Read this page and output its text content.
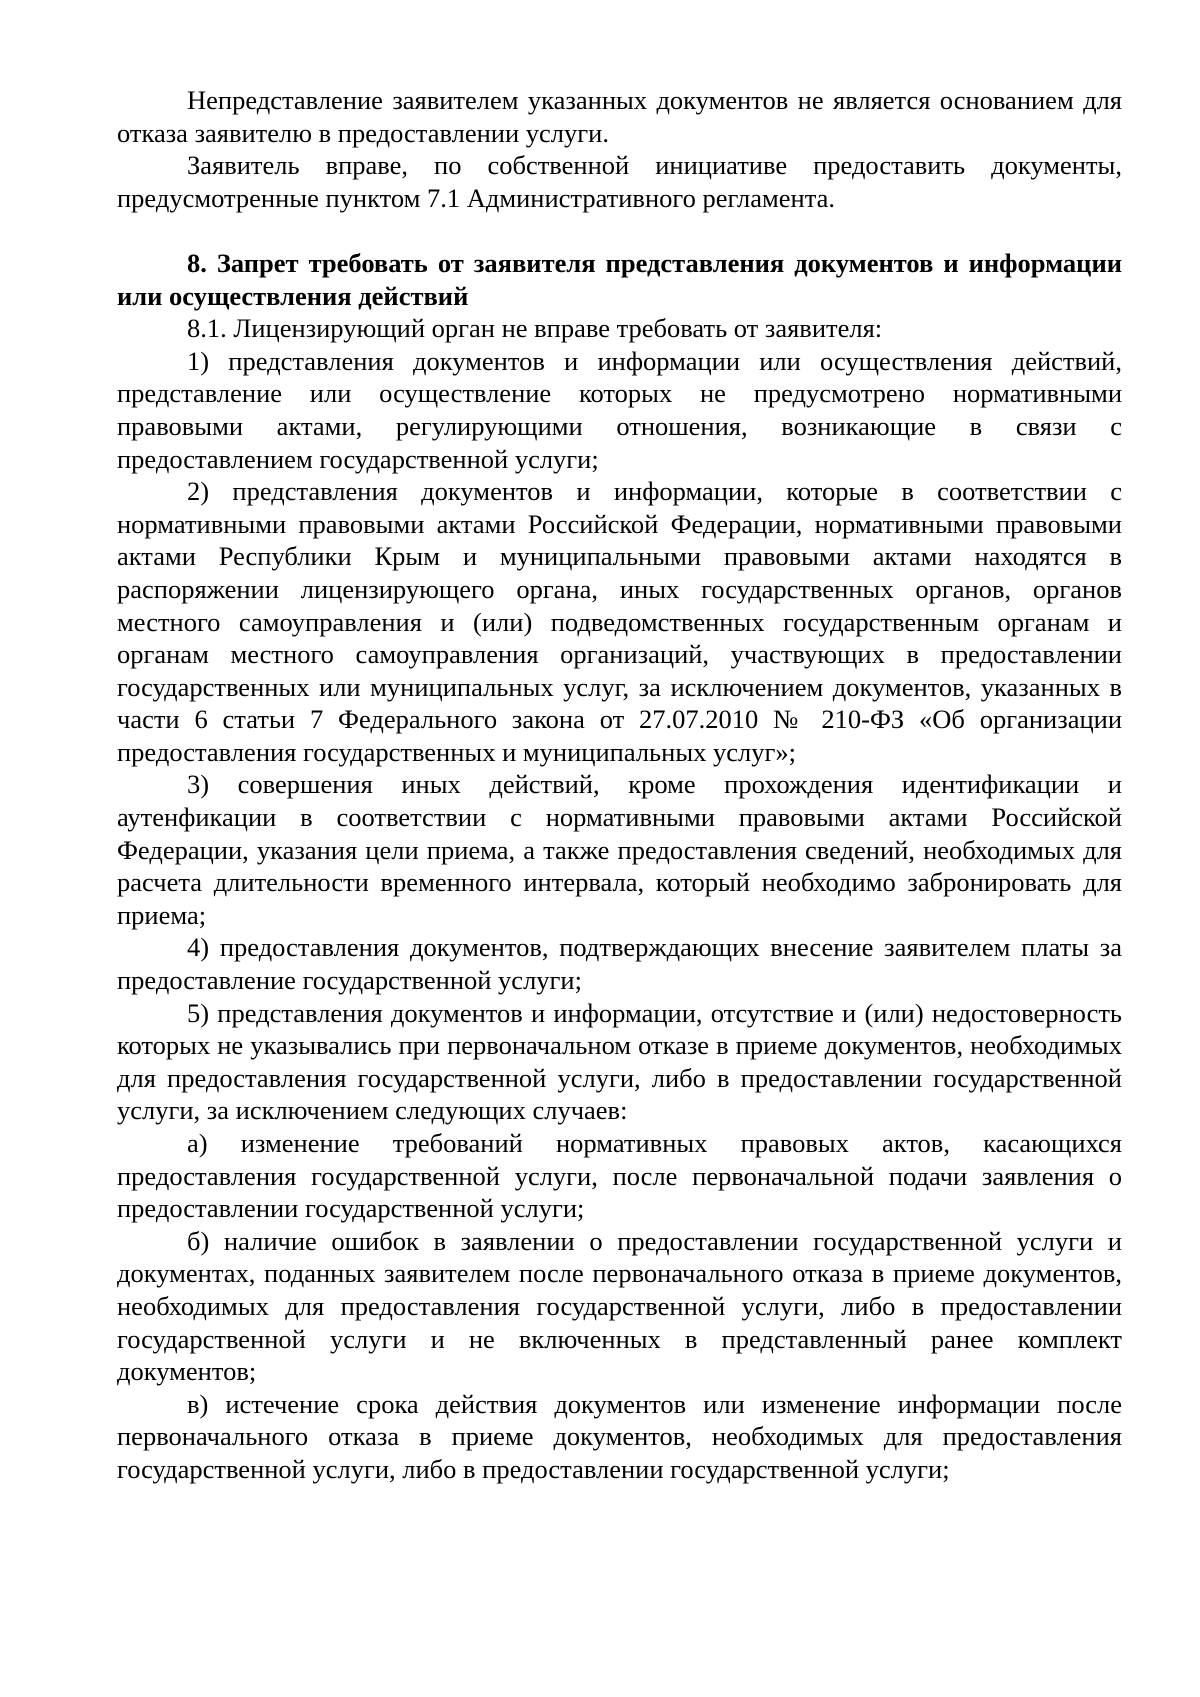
Непредставление заявителем указанных документов не является основанием для отказа заявителю в предоставлении услуги.

Заявитель вправе, по собственной инициативе предоставить документы, предусмотренные пунктом 7.1 Административного регламента.

8. Запрет требовать от заявителя представления документов и информации или осуществления действий

8.1. Лицензирующий орган не вправе требовать от заявителя:

1) представления документов и информации или осуществления действий, представление или осуществление которых не предусмотрено нормативными правовыми актами, регулирующими отношения, возникающие в связи с предоставлением государственной услуги;

2) представления документов и информации, которые в соответствии с нормативными правовыми актами Российской Федерации, нормативными правовыми актами Республики Крым и муниципальными правовыми актами находятся в распоряжении лицензирующего органа, иных государственных органов, органов местного самоуправления и (или) подведомственных государственным органам и органам местного самоуправления организаций, участвующих в предоставлении государственных или муниципальных услуг, за исключением документов, указанных в части 6 статьи 7 Федерального закона от 27.07.2010 № 210-ФЗ «Об организации предоставления государственных и муниципальных услуг»;

3) совершения иных действий, кроме прохождения идентификации и аутенфикации в соответствии с нормативными правовыми актами Российской Федерации, указания цели приема, а также предоставления сведений, необходимых для расчета длительности временного интервала, который необходимо забронировать для приема;

4) предоставления документов, подтверждающих внесение заявителем платы за предоставление государственной услуги;

5) представления документов и информации, отсутствие и (или) недостоверность которых не указывались при первоначальном отказе в приеме документов, необходимых для предоставления государственной услуги, либо в предоставлении государственной услуги, за исключением следующих случаев:

а) изменение требований нормативных правовых актов, касающихся предоставления государственной услуги, после первоначальной подачи заявления о предоставлении государственной услуги;

б) наличие ошибок в заявлении о предоставлении государственной услуги и документах, поданных заявителем после первоначального отказа в приеме документов, необходимых для предоставления государственной услуги, либо в предоставлении государственной услуги и не включенных в представленный ранее комплект документов;

в) истечение срока действия документов или изменение информации после первоначального отказа в приеме документов, необходимых для предоставления государственной услуги, либо в предоставлении государственной услуги;
